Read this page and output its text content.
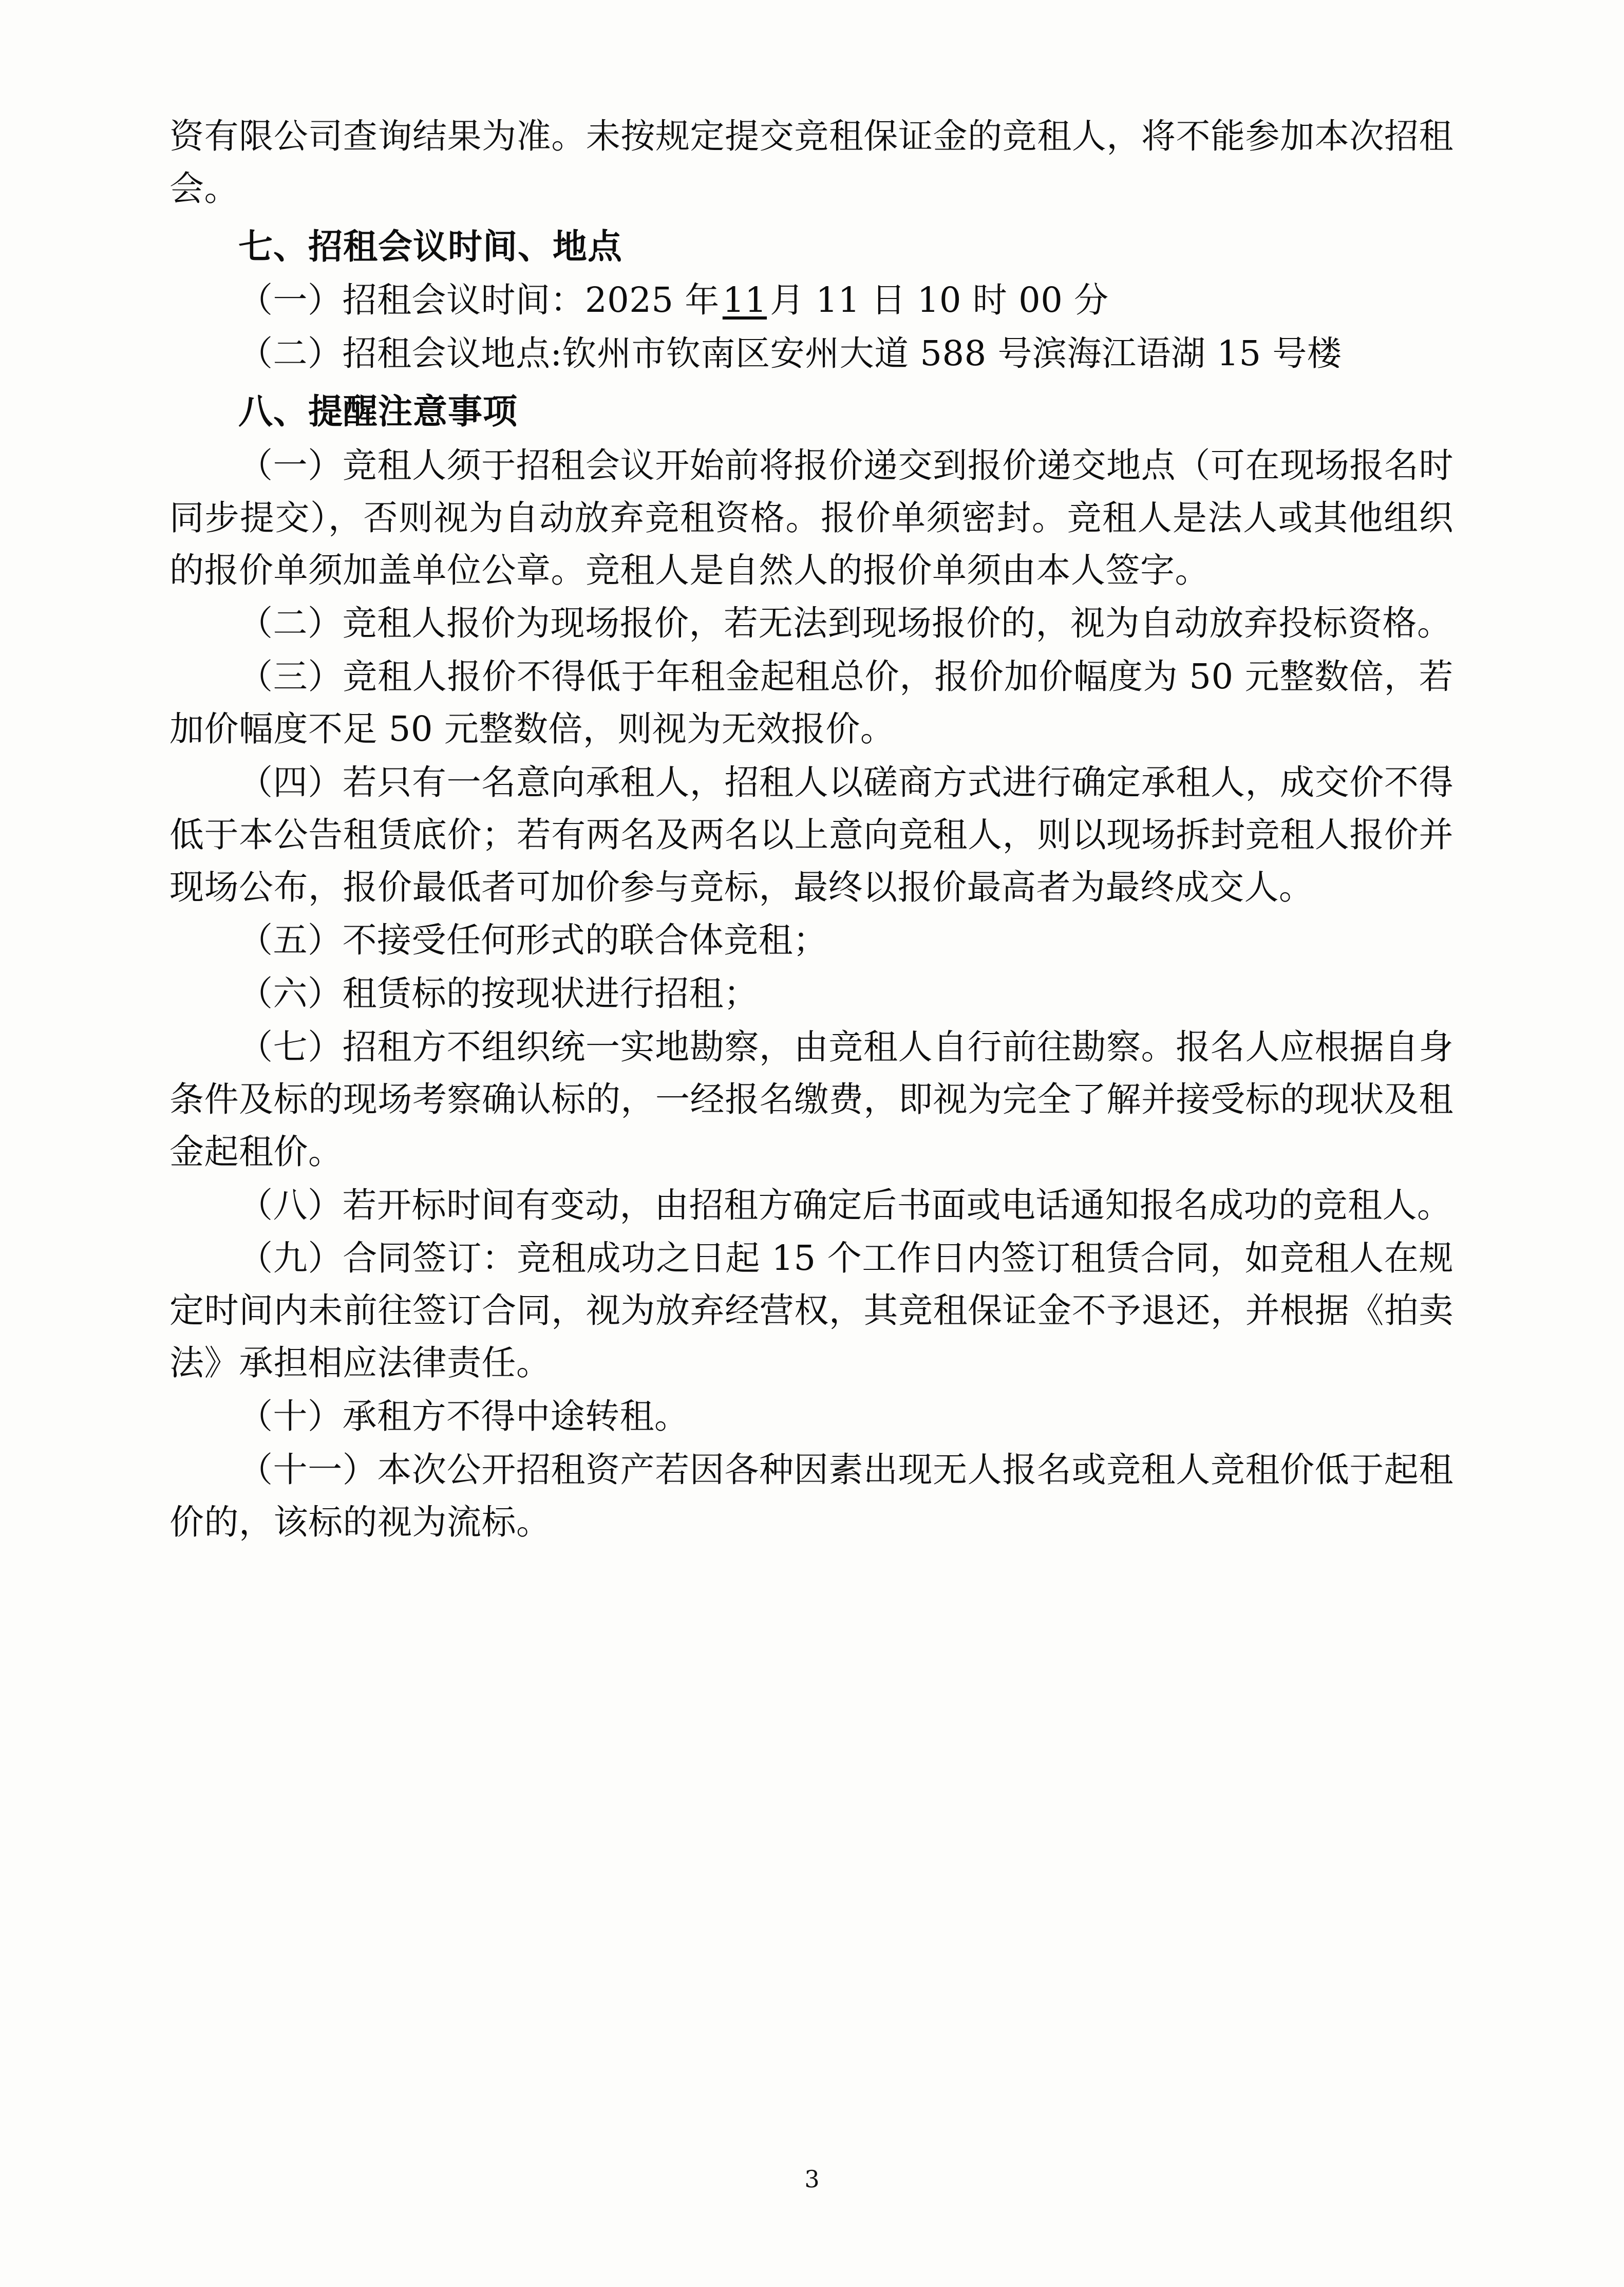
资有限公司查询结果为准。未按规定提交竞租保证金的竞租人，将不能参加本次招租会。

七、招租会议时间、地点

（一）招租会议时间：2025 年11月 11 日 10 时 00 分

（二）招租会议地点:钦州市钦南区安州大道 588 号滨海江语湖 15 号楼

八、提醒注意事项

（一）竞租人须于招租会议开始前将报价递交到报价递交地点（可在现场报名时同步提交），否则视为自动放弃竞租资格。报价单须密封。竞租人是法人或其他组织的报价单须加盖单位公章。竞租人是自然人的报价单须由本人签字。

（二）竞租人报价为现场报价，若无法到现场报价的，视为自动放弃投标资格。

（三）竞租人报价不得低于年租金起租总价，报价加价幅度为 50 元整数倍，若加价幅度不足 50 元整数倍，则视为无效报价。

（四）若只有一名意向承租人，招租人以磋商方式进行确定承租人，成交价不得低于本公告租赁底价；若有两名及两名以上意向竞租人，则以现场拆封竞租人报价并现场公布，报价最低者可加价参与竞标，最终以报价最高者为最终成交人。

（五）不接受任何形式的联合体竞租；

（六）租赁标的按现状进行招租；

（七）招租方不组织统一实地勘察，由竞租人自行前往勘察。报名人应根据自身条件及标的现场考察确认标的，一经报名缴费，即视为完全了解并接受标的现状及租金起租价。

（八）若开标时间有变动，由招租方确定后书面或电话通知报名成功的竞租人。

（九）合同签订：竞租成功之日起 15 个工作日内签订租赁合同，如竞租人在规定时间内未前往签订合同，视为放弃经营权，其竞租保证金不予退还，并根据《拍卖法》承担相应法律责任。

（十）承租方不得中途转租。

（十一）本次公开招租资产若因各种因素出现无人报名或竞租人竞租价低于起租价的，该标的视为流标。

3
